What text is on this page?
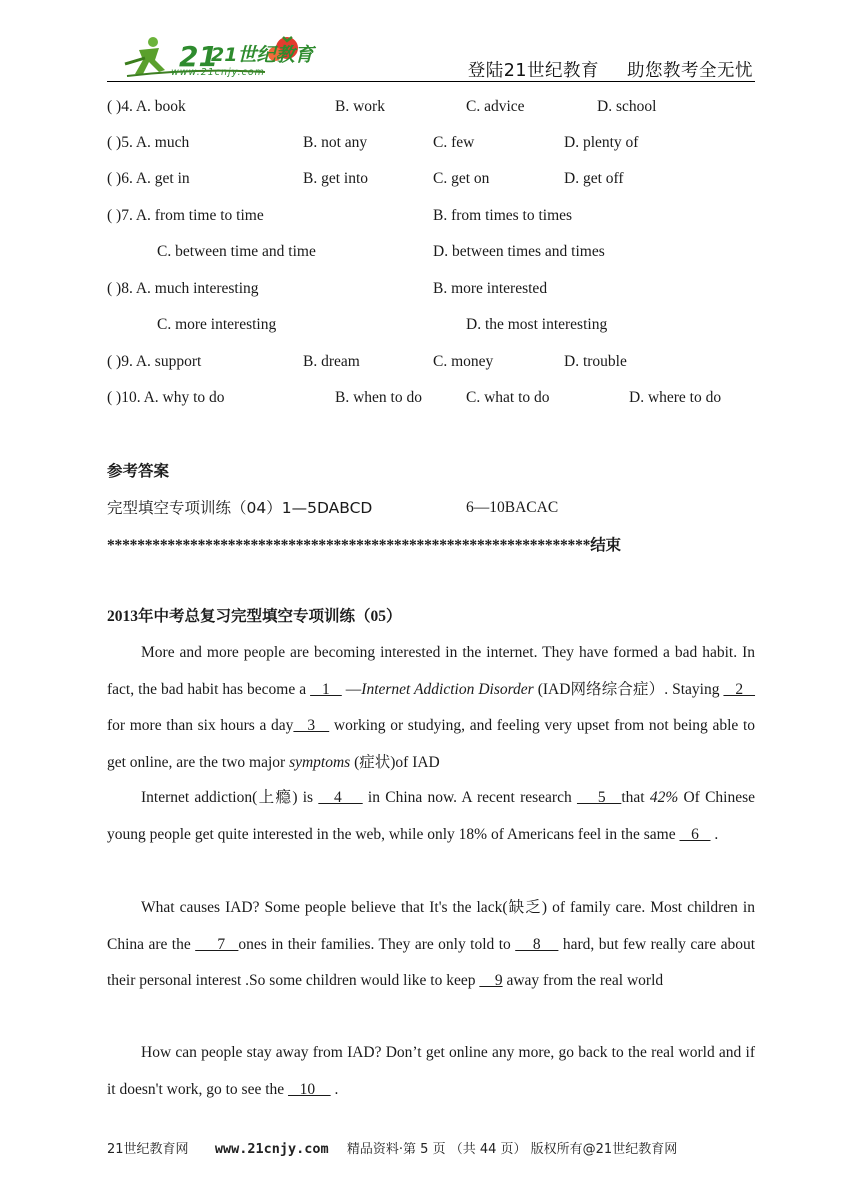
21
21世纪教育
www.21cnjy.com	登陆21世纪教育 助您教考全无忧
( )4. A. book	B. work	C. advice	D. school
( )5. A. much	B. not any	C. few	D. plenty of
( )6. A. get in	B. get into	C. get on	D. get off
( )7. A. from time to time	B. from times to times
C. between time and time	D. between times and times
( )8. A. much interesting	B. more interested
C. more interesting	D. the most interesting
( )9. A. support	B. dream	C. money	D. trouble
( )10. A. why to do	B. when to do	C. what to do	D. where to do
参考答案
完型填空专项训练（04）1—5DABCD	6—10BACAC
****************************************************************结束
2013年中考总复习完型填空专项训练（05）
More and more people are becoming interested in the internet. They have formed a bad habit. In fact, the bad habit has become a    1    —Internet Addiction Disorder (IAD网络综合症）. Staying    2    for more than six hours a day   3    working or studying, and feeling very upset from not being able to get online, are the two major symptoms (症状)of IAD
Internet addiction(上瘾) is    4     in China now. A recent research     5   that 42% Of Chinese young people get quite interested in the web, while only 18% of Americans feel in the same    6    .
What causes IAD? Some people believe that It's the lack(缺乏) of family care. Most children in China are the      7   ones in their families. They are only told to     8     hard, but few really care about their personal interest .So some children would like to keep     9 away from the real world
How can people stay away from IAD? Don’t get online any more, go back to the real world and if it doesn't work, go to see the    10     .
21世纪教育网 www.21cnjy.com 精品资料·第 5 页 （共 44 页） 版权所有@21世纪教育网
